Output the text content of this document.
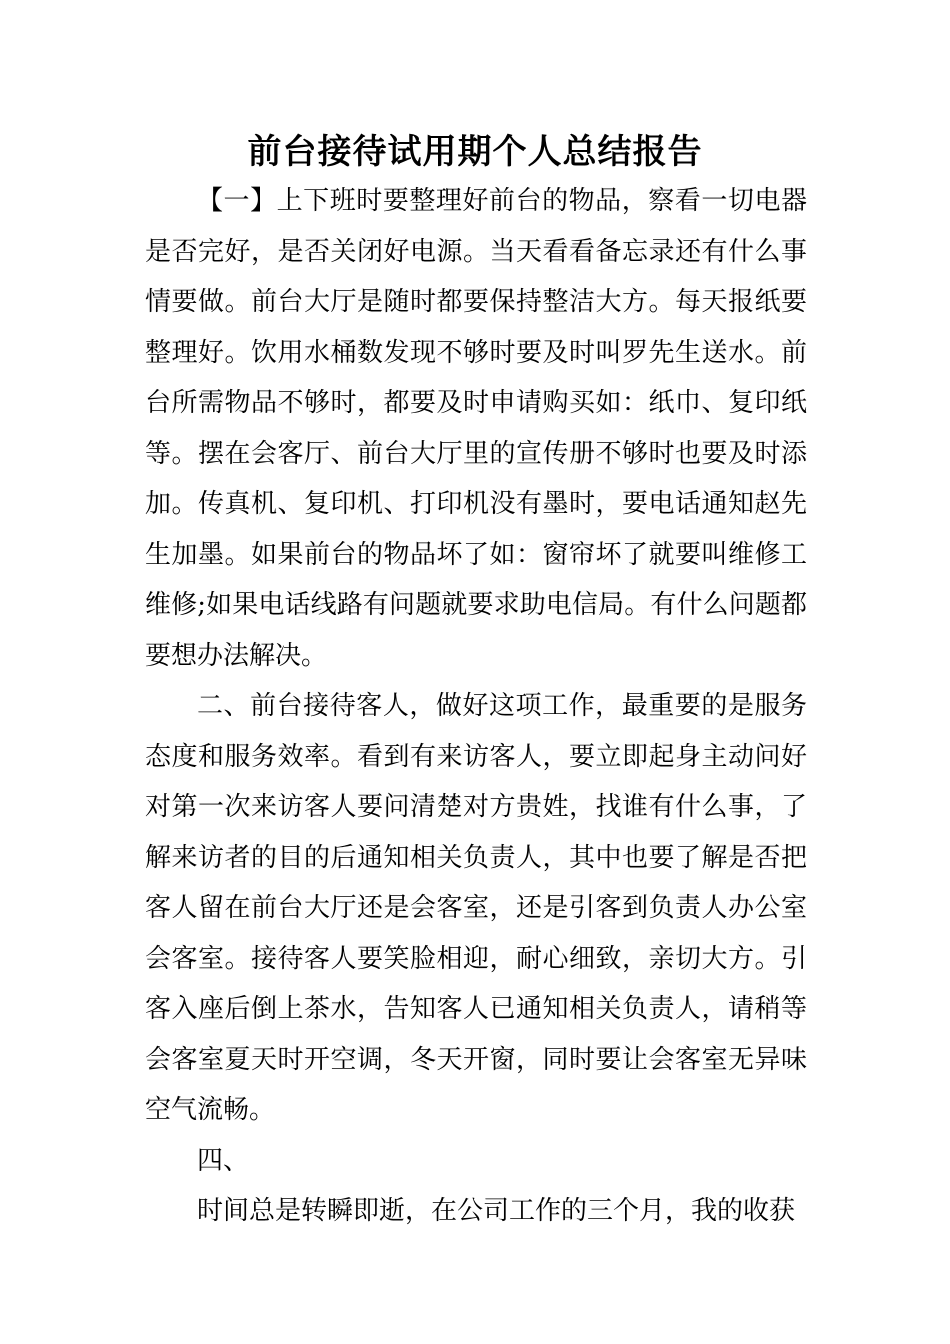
前台接待试用期个人总结报告

【一】上下班时要整理好前台的物品，察看一切电器是否完好，是否关闭好电源。当天看看备忘录还有什么事情要做。前台大厅是随时都要保持整洁大方。每天报纸要整理好。饮用水桶数发现不够时要及时叫罗先生送水。前台所需物品不够时，都要及时申请购买如：纸巾、复印纸等。摆在会客厅、前台大厅里的宣传册不够时也要及时添加。传真机、复印机、打印机没有墨时，要电话通知赵先生加墨。如果前台的物品坏了如：窗帘坏了就要叫维修工维修;如果电话线路有问题就要求助电信局。有什么问题都要想办法解决。

二、前台接待客人，做好这项工作，最重要的是服务态度和服务效率。看到有来访客人，要立即起身主动问好对第一次来访客人要问清楚对方贵姓，找谁有什么事，了解来访者的目的后通知相关负责人，其中也要了解是否把客人留在前台大厅还是会客室，还是引客到负责人办公室会客室。接待客人要笑脸相迎，耐心细致，亲切大方。引客入座后倒上茶水，告知客人已通知相关负责人，请稍等会客室夏天时开空调，冬天开窗，同时要让会客室无异味空气流畅。

四、

时间总是转瞬即逝，在公司工作的三个月，我的收获
